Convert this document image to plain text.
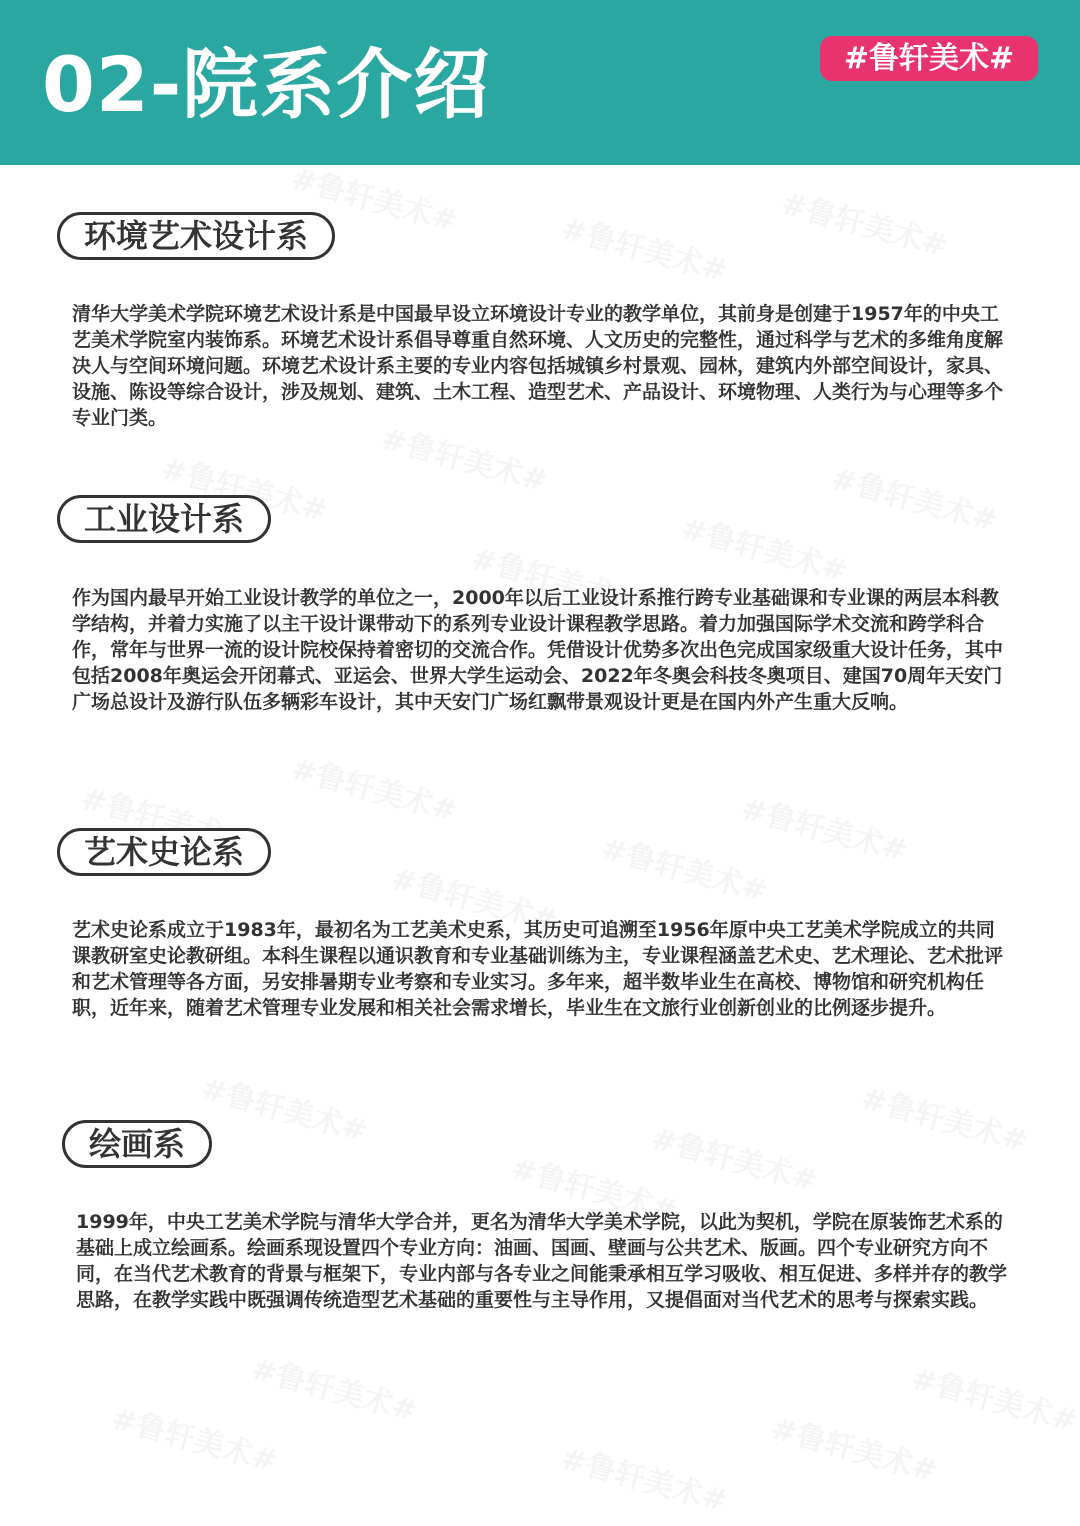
02-院系介绍	#鲁轩美术#
环境艺术设计系

清华大学美术学院环境艺术设计系是中国最早设立环境设计专业的教学单位，其前身是创建于1957年的中央工艺美术学院室内装饰系。环境艺术设计系倡导尊重自然环境、人文历史的完整性，通过科学与艺术的多维角度解决人与空间环境问题。环境艺术设计系主要的专业内容包括城镇乡村景观、园林，建筑内外部空间设计，家具、设施、陈设等综合设计，涉及规划、建筑、土木工程、造型艺术、产品设计、环境物理、人类行为与心理等多个专业门类。

工业设计系

作为国内最早开始工业设计教学的单位之一，2000年以后工业设计系推行跨专业基础课和专业课的两层本科教学结构，并着力实施了以主干设计课带动下的系列专业设计课程教学思路。着力加强国际学术交流和跨学科合作，常年与世界一流的设计院校保持着密切的交流合作。凭借设计优势多次出色完成国家级重大设计任务，其中包括2008年奥运会开闭幕式、亚运会、世界大学生运动会、2022年冬奥会科技冬奥项目、建国70周年天安门广场总设计及游行队伍多辆彩车设计，其中天安门广场红飘带景观设计更是在国内外产生重大反响。

艺术史论系

艺术史论系成立于1983年，最初名为工艺美术史系，其历史可追溯至1956年原中央工艺美术学院成立的共同课教研室史论教研组。本科生课程以通识教育和专业基础训练为主，专业课程涵盖艺术史、艺术理论、艺术批评和艺术管理等各方面，另安排暑期专业考察和专业实习。多年来，超半数毕业生在高校、博物馆和研究机构任职，近年来，随着艺术管理专业发展和相关社会需求增长，毕业生在文旅行业创新创业的比例逐步提升。

绘画系

1999年，中央工艺美术学院与清华大学合并，更名为清华大学美术学院，以此为契机，学院在原装饰艺术系的基础上成立绘画系。绘画系现设置四个专业方向：油画、国画、壁画与公共艺术、版画。四个专业研究方向不同，在当代艺术教育的背景与框架下，专业内部与各专业之间能秉承相互学习吸收、相互促进、多样并存的教学思路，在教学实践中既强调传统造型艺术基础的重要性与主导作用，又提倡面对当代艺术的思考与探索实践。
